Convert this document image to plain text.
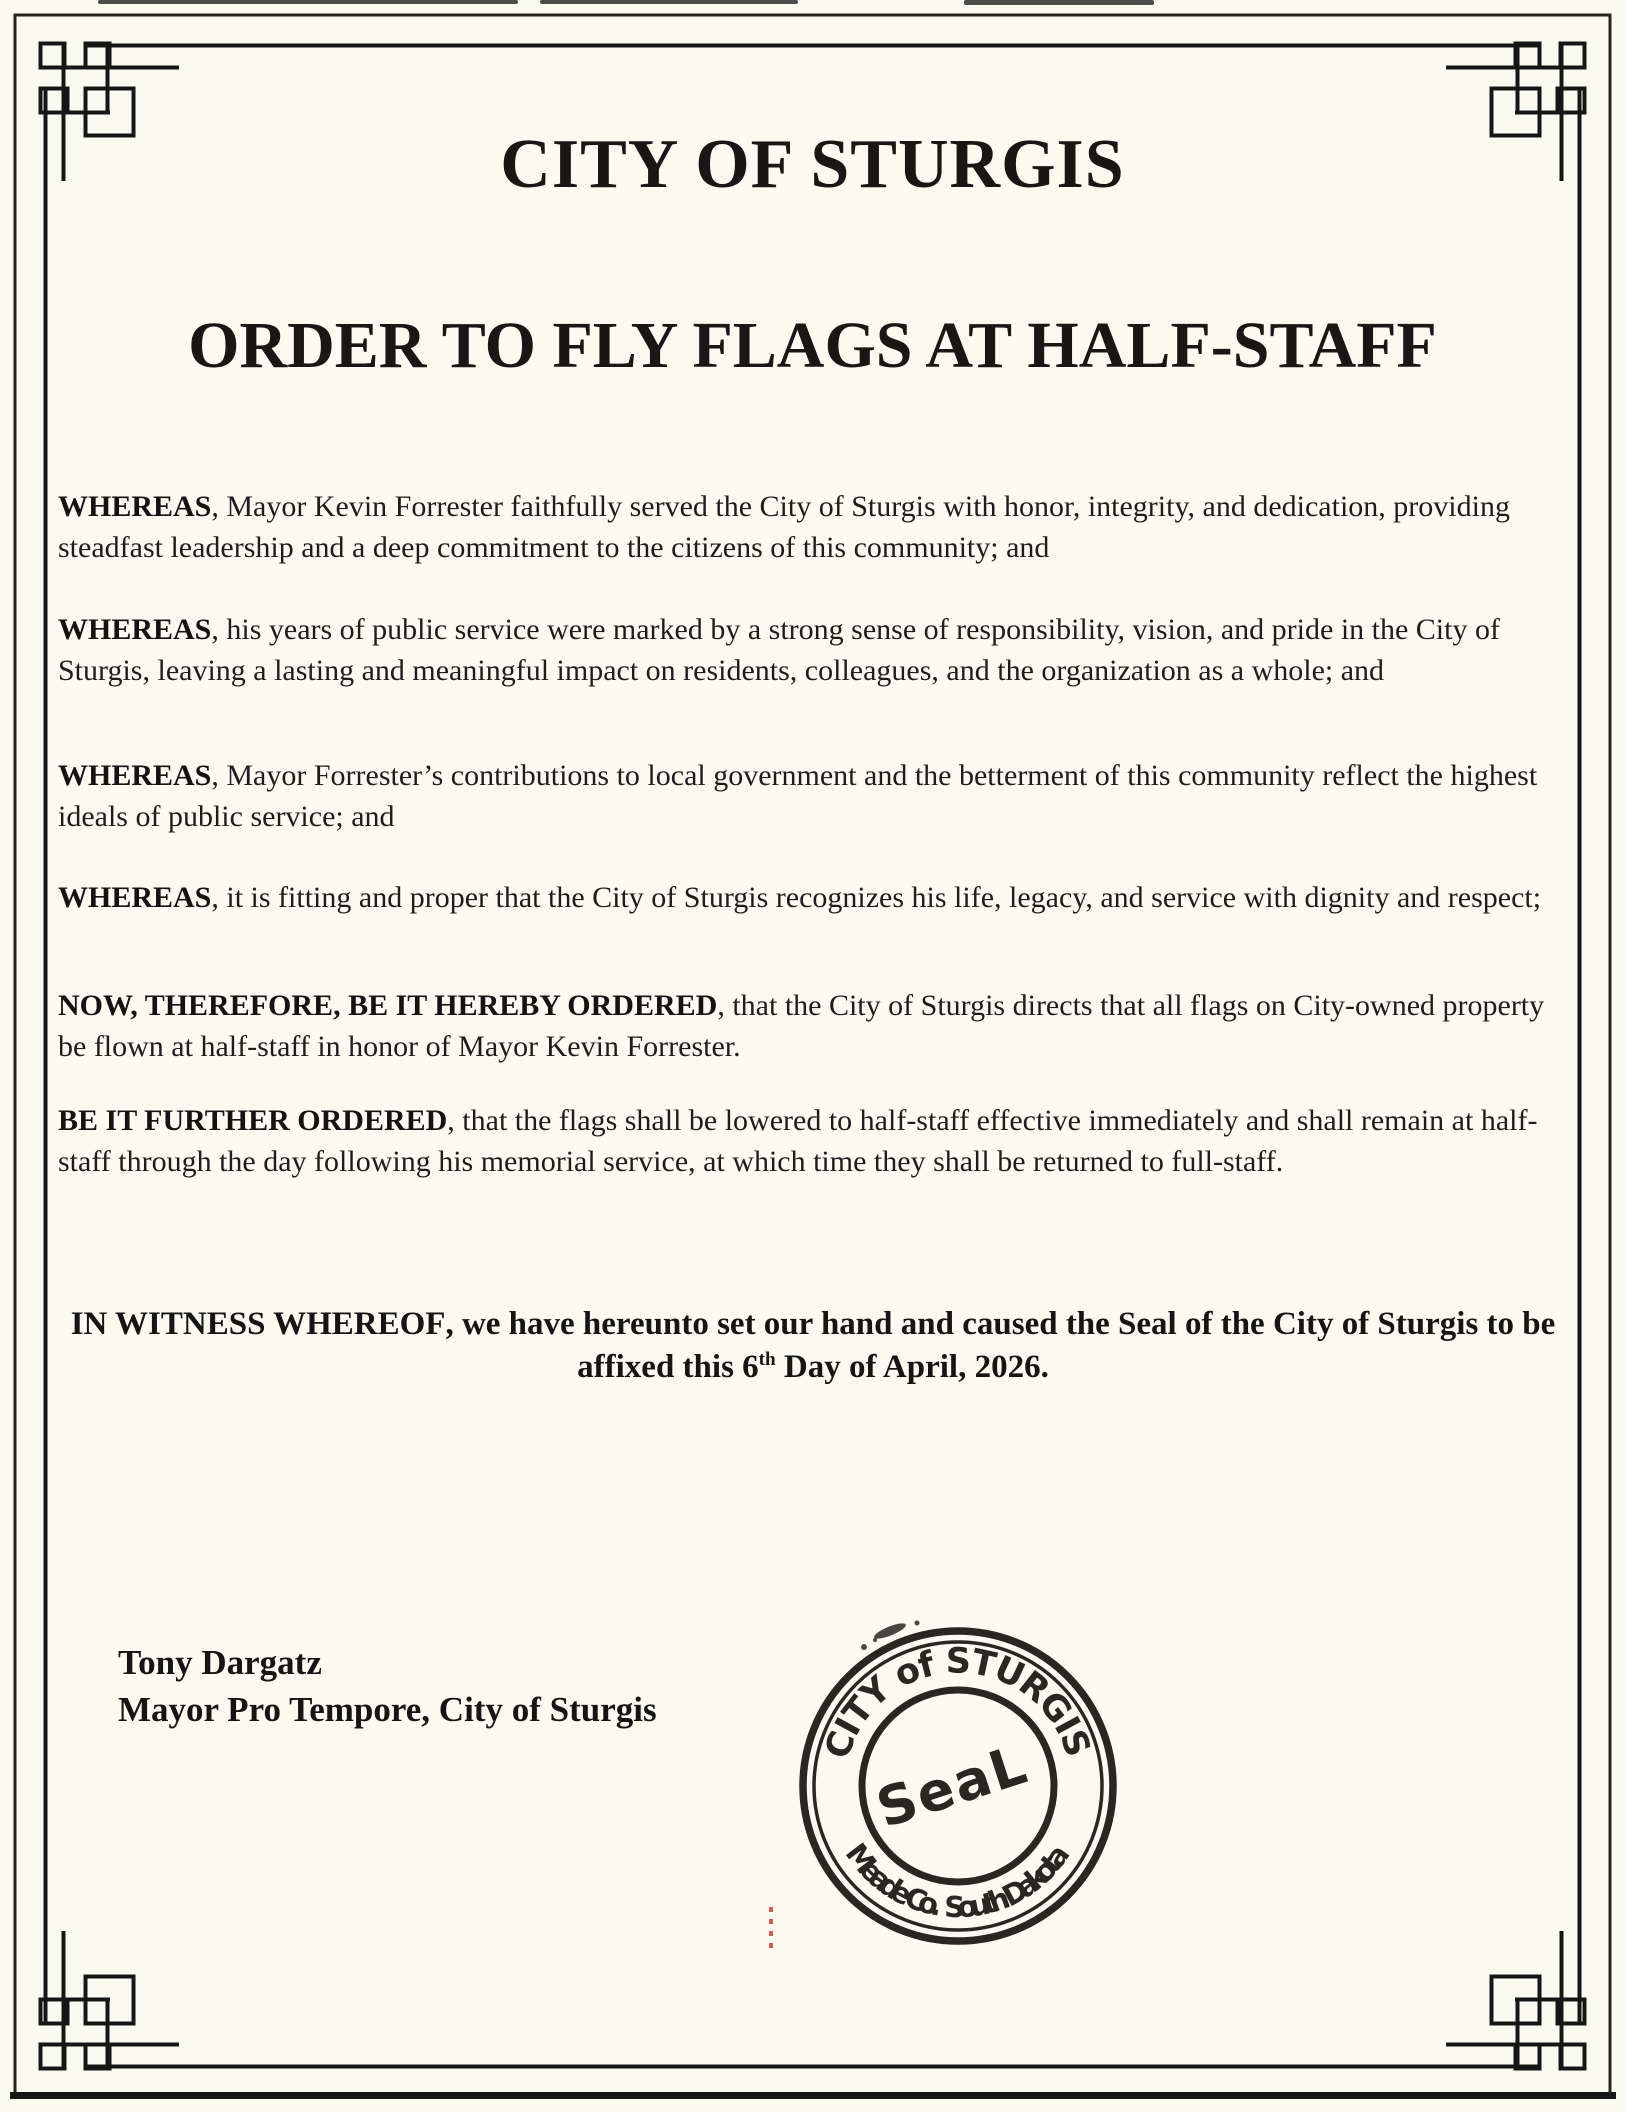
CITY OF STURGIS
ORDER TO FLY FLAGS AT HALF-STAFF

WHEREAS, Mayor Kevin Forrester faithfully served the City of Sturgis with honor, integrity, and dedication, providing steadfast leadership and a deep commitment to the citizens of this community; and

WHEREAS, his years of public service were marked by a strong sense of responsibility, vision, and pride in the City of Sturgis, leaving a lasting and meaningful impact on residents, colleagues, and the organization as a whole; and

WHEREAS, Mayor Forrester’s contributions to local government and the betterment of this community reflect the highest ideals of public service; and

WHEREAS, it is fitting and proper that the City of Sturgis recognizes his life, legacy, and service with dignity and respect;

NOW, THEREFORE, BE IT HEREBY ORDERED, that the City of Sturgis directs that all flags on City-owned property be flown at half-staff in honor of Mayor Kevin Forrester.

BE IT FURTHER ORDERED, that the flags shall be lowered to half-staff effective immediately and shall remain at half-staff through the day following his memorial service, at which time they shall be returned to full-staff.

IN WITNESS WHEREOF, we have hereunto set our hand and caused the Seal of the City of Sturgis to be affixed this 6th Day of April, 2026.

Tony Dargatz
Mayor Pro Tempore, City of Sturgis
CITY of STURGIS
Meade Co.   South Dakota
SeaL
